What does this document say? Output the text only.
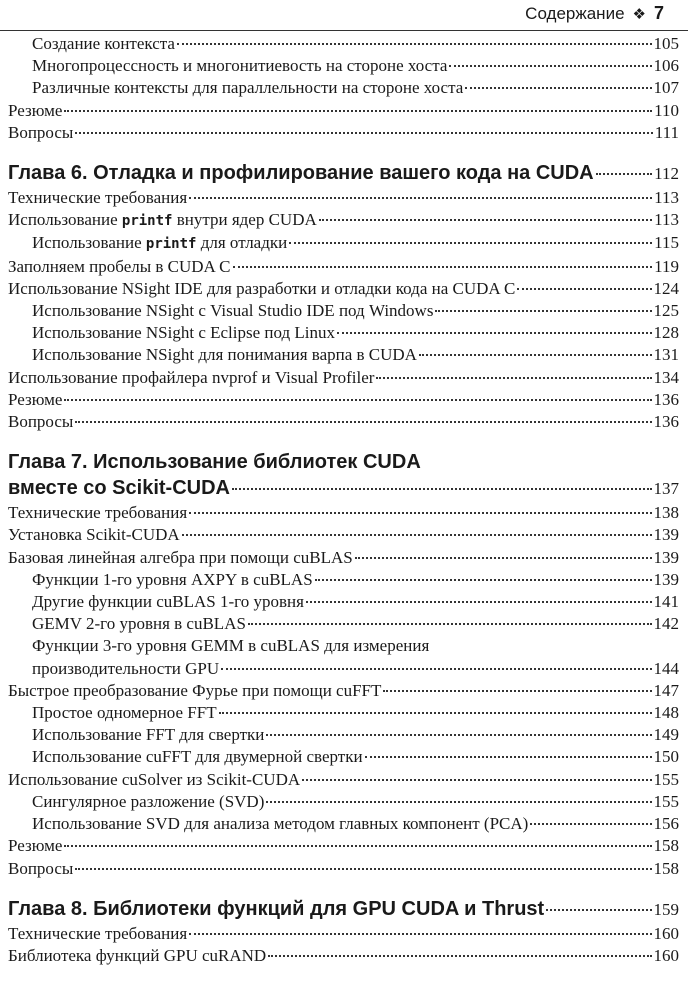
Содержание ❖ 7
Создание контекста	105
Многопроцессность и многонитиевость на стороне хоста	106
Различные контексты для параллельности на стороне хоста	107
Резюме	110
Вопросы	111
Глава 6. Отладка и профилирование вашего кода на CUDA	112
Технические требования	113
Использование printf внутри ядер CUDA	113
Использование printf для отладки	115
Заполняем пробелы в CUDA C	119
Использование NSight IDE для разработки и отладки кода на CUDA C	124
Использование NSight с Visual Studio IDE под Windows	125
Использование NSight с Eclipse под Linux	128
Использование NSight для понимания варпа в CUDA	131
Использование профайлера nvprof и Visual Profiler	134
Резюме	136
Вопросы	136
Глава 7. Использование библиотек CUDA
вместе со Scikit-CUDA	137
Технические требования	138
Установка Scikit-CUDA	139
Базовая линейная алгебра при помощи cuBLAS	139
Функции 1-го уровня AXPY в cuBLAS	139
Другие функции cuBLAS 1-го уровня	141
GEMV 2-го уровня в cuBLAS	142
Функции 3-го уровня GEMM в cuBLAS для измерения
производительности GPU	144
Быстрое преобразование Фурье при помощи cuFFT	147
Простое одномерное FFT	148
Использование FFT для свертки	149
Использование cuFFT для двумерной свертки	150
Использование cuSolver из Scikit-CUDA	155
Сингулярное разложение (SVD)	155
Использование SVD для анализа методом главных компонент (PCA)	156
Резюме	158
Вопросы	158
Глава 8. Библиотеки функций для GPU CUDA и Thrust	159
Технические требования	160
Библиотека функций GPU cuRAND	160
